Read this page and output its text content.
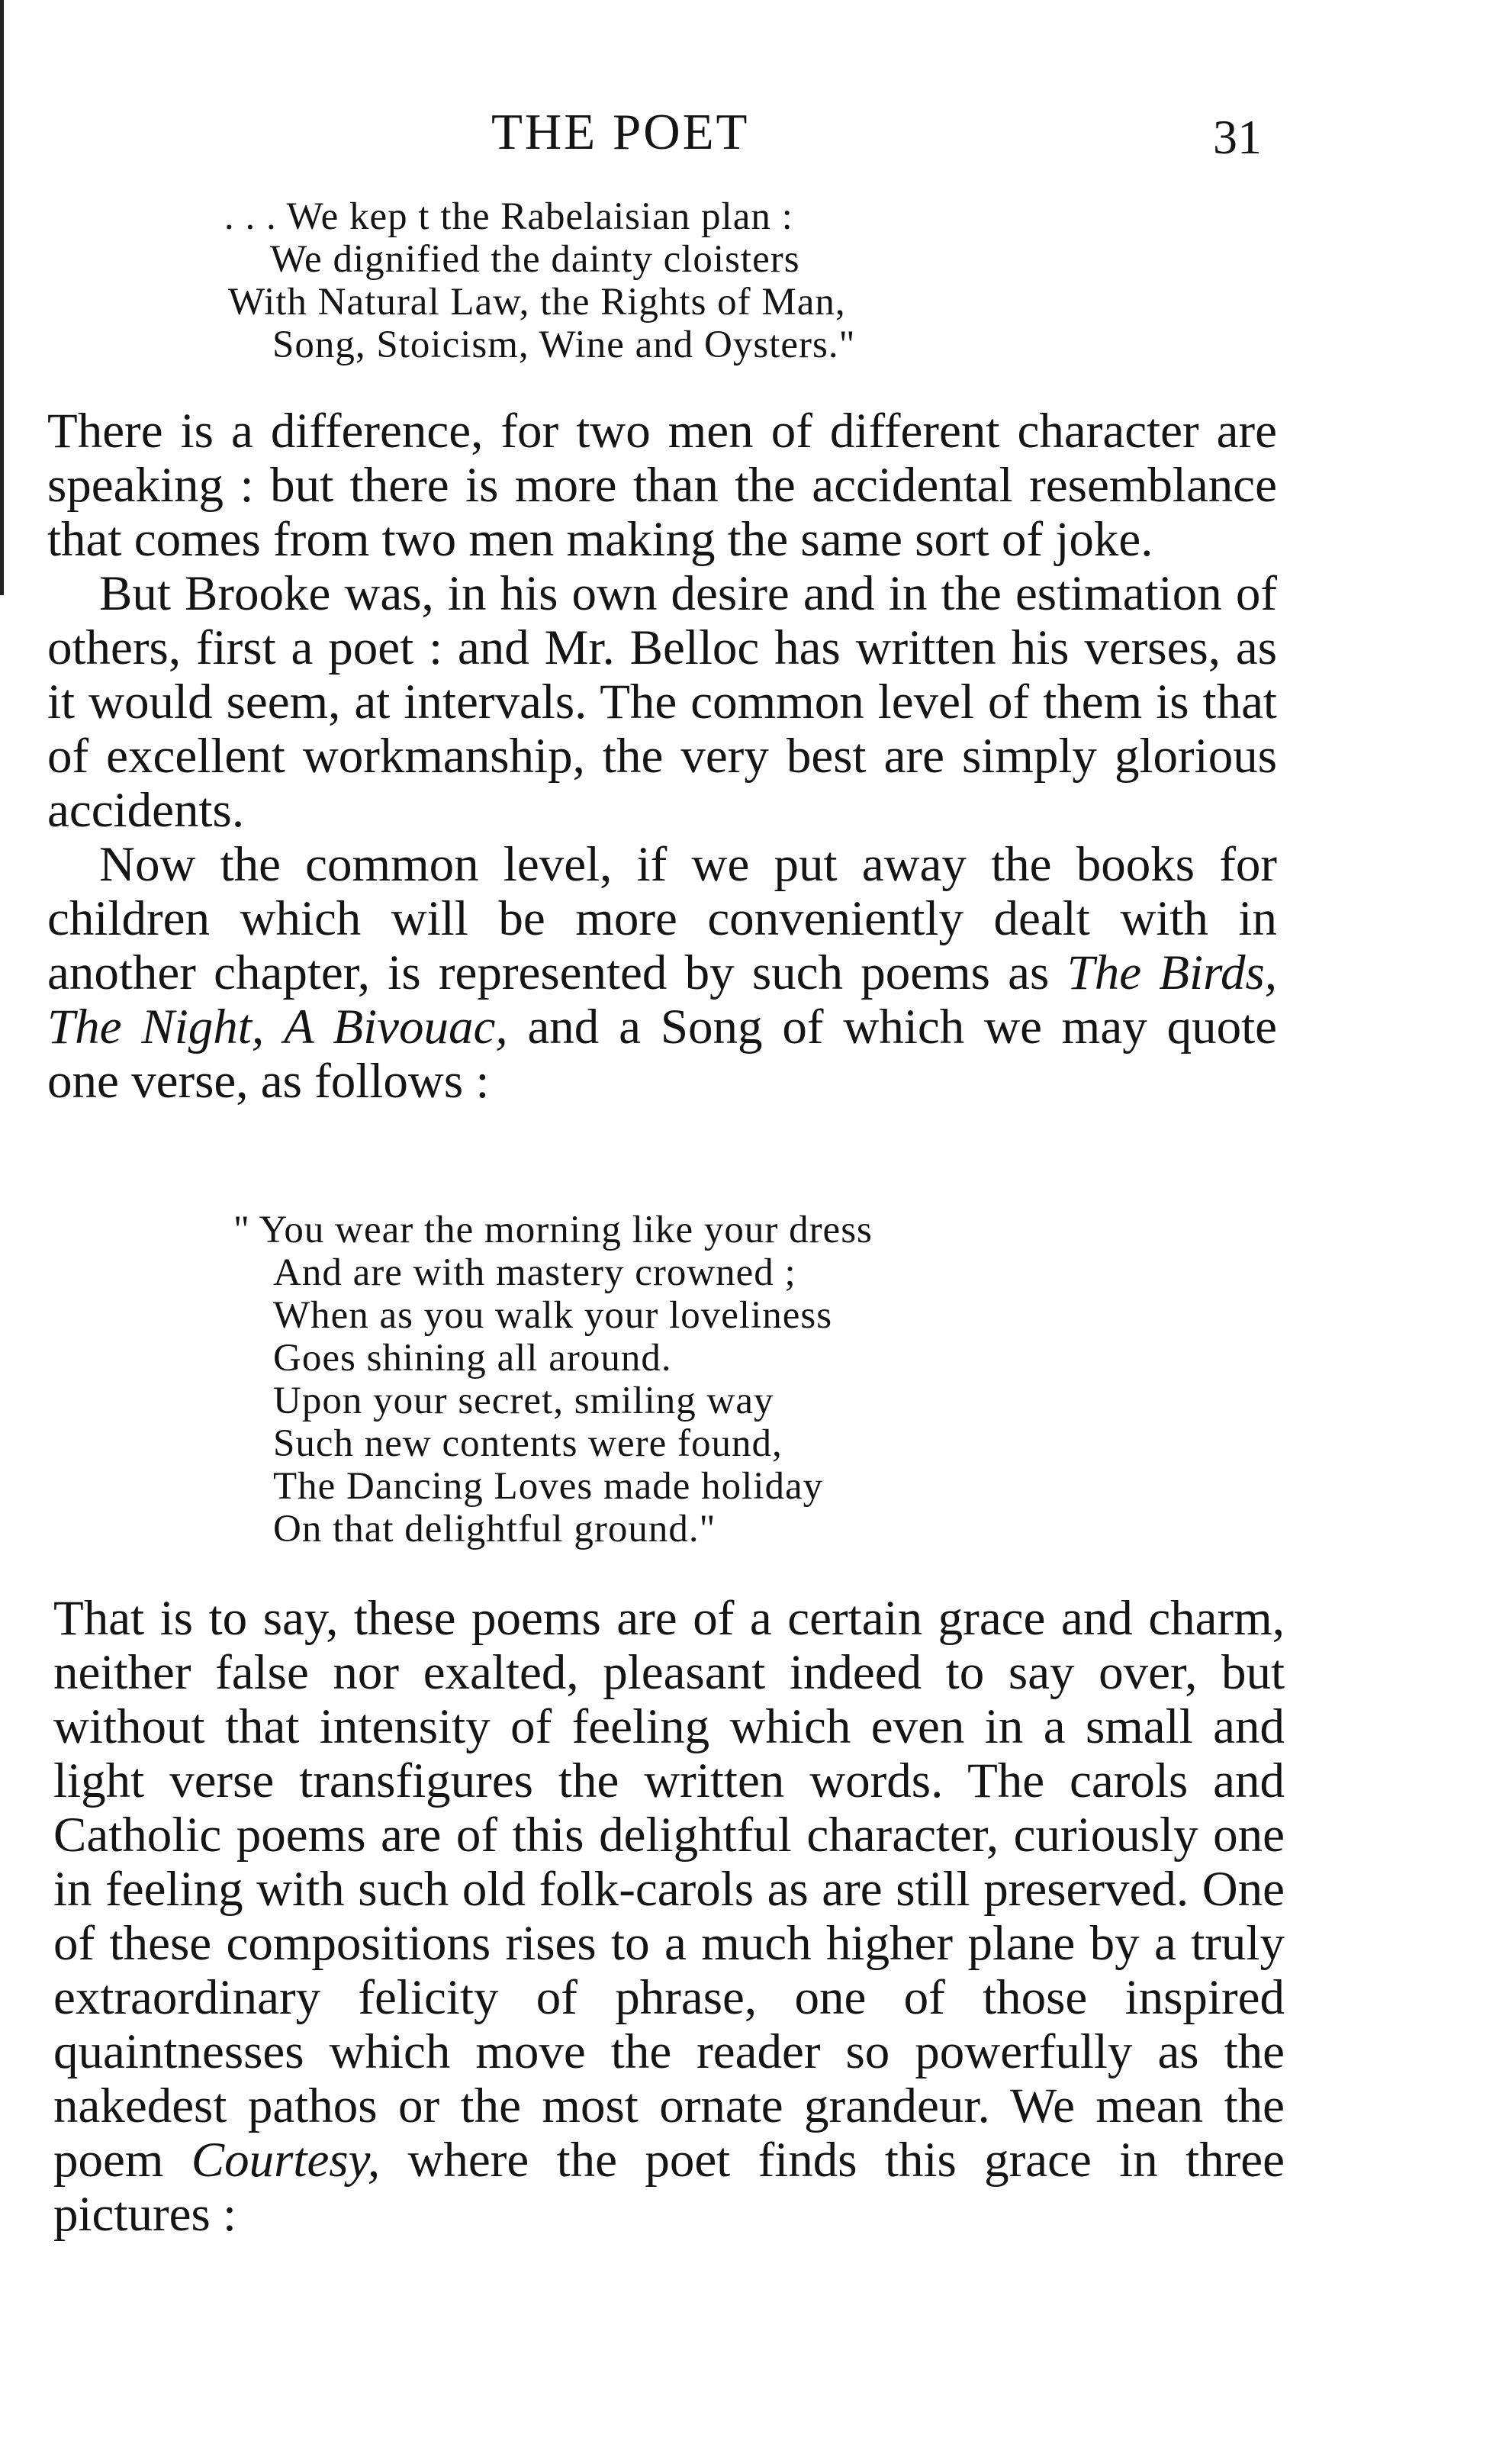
THE POET	31
. . . We kep t the Rabelaisian plan :
We dignified the dainty cloisters
With Natural Law, the Rights of Man,
Song, Stoicism, Wine and Oysters."

There is a difference, for two men of different character are speaking : but there is more than the accidental resemblance that comes from two men making the same sort of joke.

But Brooke was, in his own desire and in the estimation of others, first a poet : and Mr. Belloc has written his verses, as it would seem, at intervals. The common level of them is that of excellent workmanship, the very best are simply glorious accidents.

Now the common level, if we put away the books for children which will be more conveniently dealt with in another chapter, is represented by such poems as The Birds, The Night, A Bivouac, and a Song of which we may quote one verse, as follows :

" You wear the morning like your dress
And are with mastery crowned ;
When as you walk your loveliness
Goes shining all around.
Upon your secret, smiling way
Such new contents were found,
The Dancing Loves made holiday
On that delightful ground."

That is to say, these poems are of a certain grace and charm, neither false nor exalted, pleasant indeed to say over, but without that intensity of feeling which even in a small and light verse transfigures the written words. The carols and Catholic poems are of this delightful character, curiously one in feeling with such old folk-carols as are still preserved. One of these compositions rises to a much higher plane by a truly extraordinary felicity of phrase, one of those inspired quaintnesses which move the reader so powerfully as the nakedest pathos or the most ornate grandeur. We mean the poem Courtesy, where the poet finds this grace in three pictures :
